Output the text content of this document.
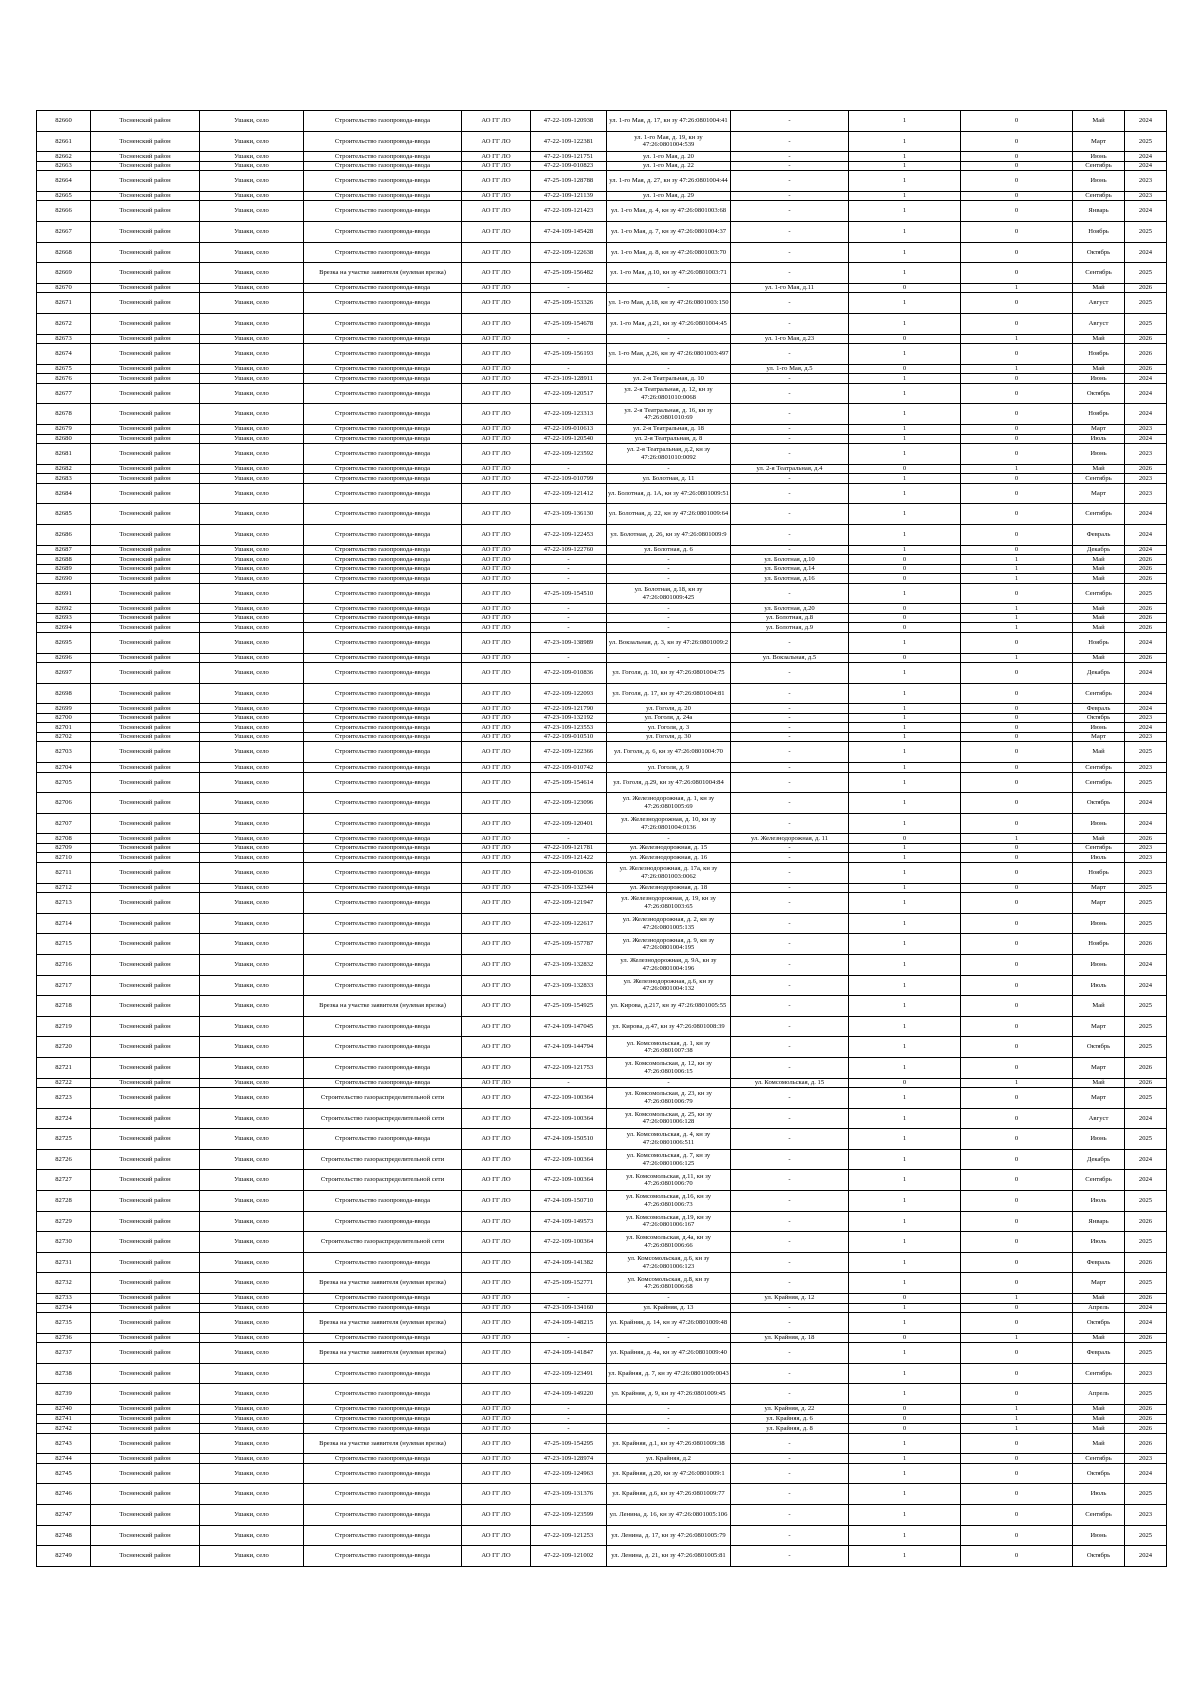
82660	Тосненский район	Ушаки, село	Строительство газопровода-ввода	АО ГГ ЛО	47-22-109-120938	ул. 1-го Мая, д. 17, кн зу 47:26:0801004:41	-	1	0	Май	2024
82661	Тосненский район	Ушаки, село	Строительство газопровода-ввода	АО ГГ ЛО	47-22-109-122381	ул. 1-го Мая, д. 19, кн зу 47:26:0801004:539	-	1	0	Март	2025
82662	Тосненский район	Ушаки, село	Строительство газопровода-ввода	АО ГГ ЛО	47-22-109-121751	ул. 1-го Мая, д. 20	-	1	0	Июнь	2024
82663	Тосненский район	Ушаки, село	Строительство газопровода-ввода	АО ГГ ЛО	47-22-109-010823	ул. 1-го Мая, д. 22	-	1	0	Сентябрь	2024
82664	Тосненский район	Ушаки, село	Строительство газопровода-ввода	АО ГГ ЛО	47-25-109-128788	ул. 1-го Мая, д. 27, кн зу 47:26:0801004:44	-	1	0	Июнь	2023
82665	Тосненский район	Ушаки, село	Строительство газопровода-ввода	АО ГГ ЛО	47-22-109-121139	ул. 1-го Мая, д. 29	-	1	0	Сентябрь	2023
82666	Тосненский район	Ушаки, село	Строительство газопровода-ввода	АО ГГ ЛО	47-22-109-121423	ул. 1-го Мая, д. 4, кн зу 47:26:0801003:68	-	1	0	Январь	2024
82667	Тосненский район	Ушаки, село	Строительство газопровода-ввода	АО ГГ ЛО	47-24-109-145428	ул. 1-го Мая, д. 7, кн зу 47:26:0801004:37	-	1	0	Ноябрь	2025
82668	Тосненский район	Ушаки, село	Строительство газопровода-ввода	АО ГГ ЛО	47-22-109-122638	ул. 1-го Мая, д. 8, кн зу 47:26:0801003:70	-	1	0	Октябрь	2024
82669	Тосненский район	Ушаки, село	Врезка на участке заявителя (нулевая врезка)	АО ГГ ЛО	47-25-109-156482	ул. 1-го Мая, д.10, кн зу 47:26:0801003:71	-	1	0	Сентябрь	2025
82670	Тосненский район	Ушаки, село	Строительство газопровода-ввода	АО ГГ ЛО	-	-	ул. 1-го Мая, д.11	0	1	Май	2026
82671	Тосненский район	Ушаки, село	Строительство газопровода-ввода	АО ГГ ЛО	47-25-109-153326	ул. 1-го Мая, д.18, кн зу 47:26:0801003:150	-	1	0	Август	2025
82672	Тосненский район	Ушаки, село	Строительство газопровода-ввода	АО ГГ ЛО	47-25-109-154678	ул. 1-го Мая, д.21, кн зу 47:26:0801004:45	-	1	0	Август	2025
82673	Тосненский район	Ушаки, село	Строительство газопровода-ввода	АО ГГ ЛО	-	-	ул. 1-го Мая, д.23	0	1	Май	2026
82674	Тосненский район	Ушаки, село	Строительство газопровода-ввода	АО ГГ ЛО	47-25-109-156193	ул. 1-го Мая, д.26, кн зу 47:26:0801003:497	-	1	0	Ноябрь	2026
82675	Тосненский район	Ушаки, село	Строительство газопровода-ввода	АО ГГ ЛО	-	-	ул. 1-го Мая, д.5	0	1	Май	2026
82676	Тосненский район	Ушаки, село	Строительство газопровода-ввода	АО ГГ ЛО	47-23-109-128911	ул. 2-я Театральная, д. 10	-	1	0	Июнь	2024
82677	Тосненский район	Ушаки, село	Строительство газопровода-ввода	АО ГГ ЛО	47-22-109-120517	ул. 2-я Театральная, д. 12, кн зу 47:26:0801010:0068	-	1	0	Октябрь	2024
82678	Тосненский район	Ушаки, село	Строительство газопровода-ввода	АО ГГ ЛО	47-22-109-123313	ул. 2-я Театральная, д. 16, кн зу 47:26:0801010:69	-	1	0	Ноябрь	2024
82679	Тосненский район	Ушаки, село	Строительство газопровода-ввода	АО ГГ ЛО	47-22-109-010613	ул. 2-я Театральная, д. 18	-	1	0	Март	2023
82680	Тосненский район	Ушаки, село	Строительство газопровода-ввода	АО ГГ ЛО	47-22-109-120540	ул. 2-я Театральная, д. 8	-	1	0	Июль	2024
82681	Тосненский район	Ушаки, село	Строительство газопровода-ввода	АО ГГ ЛО	47-22-109-123592	ул. 2-я Театральная, д.2, кн зу 47:26:0801010:0092	-	1	0	Июнь	2023
82682	Тосненский район	Ушаки, село	Строительство газопровода-ввода	АО ГГ ЛО	-	-	ул. 2-я Театральная, д.4	0	1	Май	2026
82683	Тосненский район	Ушаки, село	Строительство газопровода-ввода	АО ГГ ЛО	47-22-109-010799	ул. Болотная, д. 11	-	1	0	Сентябрь	2023
82684	Тосненский район	Ушаки, село	Строительство газопровода-ввода	АО ГГ ЛО	47-22-109-121412	ул. Болотная, д. 1А, кн зу 47:26:0801009:51	-	1	0	Март	2023
82685	Тосненский район	Ушаки, село	Строительство газопровода-ввода	АО ГГ ЛО	47-23-109-136130	ул. Болотная, д. 22, кн зу 47:26:0801009:64	-	1	0	Сентябрь	2024
82686	Тосненский район	Ушаки, село	Строительство газопровода-ввода	АО ГГ ЛО	47-22-109-122453	ул. Болотная, д. 26, кн зу 47:26:0801009:9	-	1	0	Февраль	2024
82687	Тосненский район	Ушаки, село	Строительство газопровода-ввода	АО ГГ ЛО	47-22-109-122760	ул. Болотная, д. 6	-	1	0	Декабрь	2024
82688	Тосненский район	Ушаки, село	Строительство газопровода-ввода	АО ГГ ЛО	-	-	ул. Болотная, д.10	0	1	Май	2026
82689	Тосненский район	Ушаки, село	Строительство газопровода-ввода	АО ГГ ЛО	-	-	ул. Болотная, д.14	0	1	Май	2026
82690	Тосненский район	Ушаки, село	Строительство газопровода-ввода	АО ГГ ЛО	-	-	ул. Болотная, д.16	0	1	Май	2026
82691	Тосненский район	Ушаки, село	Строительство газопровода-ввода	АО ГГ ЛО	47-25-109-154510	ул. Болотная, д.18, кн зу 47:26:0801009:425	-	1	0	Сентябрь	2025
82692	Тосненский район	Ушаки, село	Строительство газопровода-ввода	АО ГГ ЛО	-	-	ул. Болотная, д.20	0	1	Май	2026
82693	Тосненский район	Ушаки, село	Строительство газопровода-ввода	АО ГГ ЛО	-	-	ул. Болотная, д.8	0	1	Май	2026
82694	Тосненский район	Ушаки, село	Строительство газопровода-ввода	АО ГГ ЛО	-	-	ул. Болотная, д.9	0	1	Май	2026
82695	Тосненский район	Ушаки, село	Строительство газопровода-ввода	АО ГГ ЛО	47-23-109-138989	ул. Вокзальная, д. 3, кн зу 47:26:0801009:2	-	1	0	Ноябрь	2024
82696	Тосненский район	Ушаки, село	Строительство газопровода-ввода	АО ГГ ЛО	-	-	ул. Вокзальная, д.5	0	1	Май	2026
82697	Тосненский район	Ушаки, село	Строительство газопровода-ввода	АО ГГ ЛО	47-22-109-010836	ул. Гоголя, д. 10, кн зу 47:26:0801004:75	-	1	0	Декабрь	2024
82698	Тосненский район	Ушаки, село	Строительство газопровода-ввода	АО ГГ ЛО	47-22-109-122093	ул. Гоголя, д. 17, кн зу 47:26:0801004:81	-	1	0	Сентябрь	2024
82699	Тосненский район	Ушаки, село	Строительство газопровода-ввода	АО ГГ ЛО	47-22-109-121790	ул. Гоголя, д. 20	-	1	0	Февраль	2024
82700	Тосненский район	Ушаки, село	Строительство газопровода-ввода	АО ГГ ЛО	47-23-109-132192	ул. Гоголя, д. 24а	-	1	0	Октябрь	2023
82701	Тосненский район	Ушаки, село	Строительство газопровода-ввода	АО ГГ ЛО	47-23-109-123553	ул. Гоголя, д. 3	-	1	0	Июнь	2024
82702	Тосненский район	Ушаки, село	Строительство газопровода-ввода	АО ГГ ЛО	47-22-109-010510	ул. Гоголя, д. 30	-	1	0	Март	2023
82703	Тосненский район	Ушаки, село	Строительство газопровода-ввода	АО ГГ ЛО	47-22-109-122366	ул. Гоголя, д. 6, кн зу 47:26:0801004:70	-	1	0	Май	2025
82704	Тосненский район	Ушаки, село	Строительство газопровода-ввода	АО ГГ ЛО	47-22-109-010742	ул. Гоголя, д. 9	-	1	0	Сентябрь	2023
82705	Тосненский район	Ушаки, село	Строительство газопровода-ввода	АО ГГ ЛО	47-25-109-154614	ул. Гоголя, д.29, кн зу 47:26:0801004:84	-	1	0	Сентябрь	2025
82706	Тосненский район	Ушаки, село	Строительство газопровода-ввода	АО ГГ ЛО	47-22-109-123096	ул. Железнодорожная, д. 1, кн зу 47:26:0801005:69	-	1	0	Октябрь	2024
82707	Тосненский район	Ушаки, село	Строительство газопровода-ввода	АО ГГ ЛО	47-22-109-120401	ул. Железнодорожная, д. 10, кн зу 47:26:0801004:0136	-	1	0	Июнь	2024
82708	Тосненский район	Ушаки, село	Строительство газопровода-ввода	АО ГГ ЛО	-	-	ул. Железнодорожная, д. 11	0	1	Май	2026
82709	Тосненский район	Ушаки, село	Строительство газопровода-ввода	АО ГГ ЛО	47-22-109-121781	ул. Железнодорожная, д. 15	-	1	0	Сентябрь	2023
82710	Тосненский район	Ушаки, село	Строительство газопровода-ввода	АО ГГ ЛО	47-22-109-121422	ул. Железнодорожная, д. 16	-	1	0	Июль	2023
82711	Тосненский район	Ушаки, село	Строительство газопровода-ввода	АО ГГ ЛО	47-22-109-010636	ул. Железнодорожная, д. 17а, кн зу 47:26:0801003:0062	-	1	0	Ноябрь	2023
82712	Тосненский район	Ушаки, село	Строительство газопровода-ввода	АО ГГ ЛО	47-23-109-132344	ул. Железнодорожная, д. 18	-	1	0	Март	2025
82713	Тосненский район	Ушаки, село	Строительство газопровода-ввода	АО ГГ ЛО	47-22-109-121947	ул. Железнодорожная, д. 19, кн зу 47:26:0801003:65	-	1	0	Март	2025
82714	Тосненский район	Ушаки, село	Строительство газопровода-ввода	АО ГГ ЛО	47-22-109-122617	ул. Железнодорожная, д. 2, кн зу 47:26:0801005:135	-	1	0	Июнь	2025
82715	Тосненский район	Ушаки, село	Строительство газопровода-ввода	АО ГГ ЛО	47-25-109-157787	ул. Железнодорожная, д. 9, кн зу 47:26:0801004:195	-	1	0	Ноябрь	2026
82716	Тосненский район	Ушаки, село	Строительство газопровода-ввода	АО ГГ ЛО	47-23-109-132832	ул. Железнодорожная, д. 9А, кн зу 47:26:0801004:196	-	1	0	Июнь	2024
82717	Тосненский район	Ушаки, село	Строительство газопровода-ввода	АО ГГ ЛО	47-23-109-132833	ул. Железнодорожная, д.6, кн зу 47:26:0801004:132	-	1	0	Июль	2024
82718	Тосненский район	Ушаки, село	Врезка на участке заявителя (нулевая врезка)	АО ГГ ЛО	47-25-109-154925	ул. Кирова, д.217, кн зу 47:26:0801005:55	-	1	0	Май	2025
82719	Тосненский район	Ушаки, село	Строительство газопровода-ввода	АО ГГ ЛО	47-24-109-147045	ул. Кирова, д.47, кн зу 47:26:0801008:39	-	1	0	Март	2025
82720	Тосненский район	Ушаки, село	Строительство газопровода-ввода	АО ГГ ЛО	47-24-109-144794	ул. Комсомольская, д. 1, кн зу 47:26:0801007:38	-	1	0	Октябрь	2025
82721	Тосненский район	Ушаки, село	Строительство газопровода-ввода	АО ГГ ЛО	47-22-109-121753	ул. Комсомольская, д. 12, кн зу 47:26:0801006:15	-	1	0	Март	2026
82722	Тосненский район	Ушаки, село	Строительство газопровода-ввода	АО ГГ ЛО	-	-	ул. Комсомольская, д. 15	0	1	Май	2026
82723	Тосненский район	Ушаки, село	Строительство газораспределительной сети	АО ГГ ЛО	47-22-109-100364	ул. Комсомольская, д. 23, кн зу 47:26:0801006:79	-	1	0	Март	2025
82724	Тосненский район	Ушаки, село	Строительство газораспределительной сети	АО ГГ ЛО	47-22-109-100364	ул. Комсомольская, д. 25, кн зу 47:26:0801006:128	-	1	0	Август	2024
82725	Тосненский район	Ушаки, село	Строительство газопровода-ввода	АО ГГ ЛО	47-24-109-150510	ул. Комсомольская, д. 4, кн зу 47:26:0801006:511	-	1	0	Июнь	2025
82726	Тосненский район	Ушаки, село	Строительство газораспределительной сети	АО ГГ ЛО	47-22-109-100364	ул. Комсомольская, д. 7, кн зу 47:26:0801006:125	-	1	0	Декабрь	2024
82727	Тосненский район	Ушаки, село	Строительство газораспределительной сети	АО ГГ ЛО	47-22-109-100364	ул. Комсомольская, д.11, кн зу 47:26:0801006:70	-	1	0	Сентябрь	2024
82728	Тосненский район	Ушаки, село	Строительство газопровода-ввода	АО ГГ ЛО	47-24-109-150710	ул. Комсомольская, д.16, кн зу 47:26:0801006:73	-	1	0	Июль	2025
82729	Тосненский район	Ушаки, село	Строительство газопровода-ввода	АО ГГ ЛО	47-24-109-149573	ул. Комсомольская, д.19, кн зу 47:26:0801006:167	-	1	0	Январь	2026
82730	Тосненский район	Ушаки, село	Строительство газораспределительной сети	АО ГГ ЛО	47-22-109-100364	ул. Комсомольская, д.4а, кн зу 47:26:0801006:66	-	1	0	Июль	2025
82731	Тосненский район	Ушаки, село	Строительство газопровода-ввода	АО ГГ ЛО	47-24-109-141382	ул. Комсомольская, д.6, кн зу 47:26:0801006:123	-	1	0	Февраль	2026
82732	Тосненский район	Ушаки, село	Врезка на участке заявителя (нулевая врезка)	АО ГГ ЛО	47-25-109-152771	ул. Комсомольская, д.8, кн зу 47:26:0801006:68	-	1	0	Март	2025
82733	Тосненский район	Ушаки, село	Строительство газопровода-ввода	АО ГГ ЛО	-	-	ул. Крайняя, д. 12	0	1	Май	2026
82734	Тосненский район	Ушаки, село	Строительство газопровода-ввода	АО ГГ ЛО	47-23-109-134160	ул. Крайняя, д. 13	-	1	0	Апрель	2024
82735	Тосненский район	Ушаки, село	Врезка на участке заявителя (нулевая врезка)	АО ГГ ЛО	47-24-109-148215	ул. Крайняя, д. 14, кн зу 47:26:0801009:48	-	1	0	Октябрь	2024
82736	Тосненский район	Ушаки, село	Строительство газопровода-ввода	АО ГГ ЛО	-	-	ул. Крайняя, д. 18	0	1	Май	2026
82737	Тосненский район	Ушаки, село	Врезка на участке заявителя (нулевая врезка)	АО ГГ ЛО	47-24-109-141847	ул. Крайняя, д. 4а, кн зу 47:26:0801009:40	-	1	0	Февраль	2025
82738	Тосненский район	Ушаки, село	Строительство газопровода-ввода	АО ГГ ЛО	47-22-109-123491	ул. Крайняя, д. 7, кн зу 47:26:0801009:0043	-	1	0	Сентябрь	2023
82739	Тосненский район	Ушаки, село	Строительство газопровода-ввода	АО ГГ ЛО	47-24-109-149220	ул. Крайняя, д. 9, кн зу 47:26:0801009:45	-	1	0	Апрель	2025
82740	Тосненский район	Ушаки, село	Строительство газопровода-ввода	АО ГГ ЛО	-	-	ул. Крайняя, д. 22	0	1	Май	2026
82741	Тосненский район	Ушаки, село	Строительство газопровода-ввода	АО ГГ ЛО	-	-	ул. Крайняя, д. 6	0	1	Май	2026
82742	Тосненский район	Ушаки, село	Строительство газопровода-ввода	АО ГГ ЛО	-	-	ул. Крайняя, д. 8	0	1	Май	2026
82743	Тосненский район	Ушаки, село	Врезка на участке заявителя (нулевая врезка)	АО ГГ ЛО	47-25-109-154295	ул. Крайняя, д.1, кн зу 47:26:0801009:38	-	1	0	Май	2026
82744	Тосненский район	Ушаки, село	Строительство газопровода-ввода	АО ГГ ЛО	47-23-109-128974	ул. Крайняя, д.2	-	1	0	Сентябрь	2023
82745	Тосненский район	Ушаки, село	Строительство газопровода-ввода	АО ГГ ЛО	47-22-109-124963	ул. Крайняя, д.20, кн зу 47:26:0801009:1	-	1	0	Октябрь	2024
82746	Тосненский район	Ушаки, село	Строительство газопровода-ввода	АО ГГ ЛО	47-23-109-131376	ул. Крайняя, д.6, кн зу 47:26:0801009:77	-	1	0	Июль	2025
82747	Тосненский район	Ушаки, село	Строительство газопровода-ввода	АО ГГ ЛО	47-22-109-123599	ул. Ленина, д. 16, кн зу 47:26:0801005:106	-	1	0	Сентябрь	2023
82748	Тосненский район	Ушаки, село	Строительство газопровода-ввода	АО ГГ ЛО	47-22-109-121253	ул. Ленина, д. 17, кн зу 47:26:0801005:79	-	1	0	Июнь	2025
82749	Тосненский район	Ушаки, село	Строительство газопровода-ввода	АО ГГ ЛО	47-22-109-121002	ул. Ленина, д. 21, кн зу 47:26:0801005:81	-	1	0	Октябрь	2024
